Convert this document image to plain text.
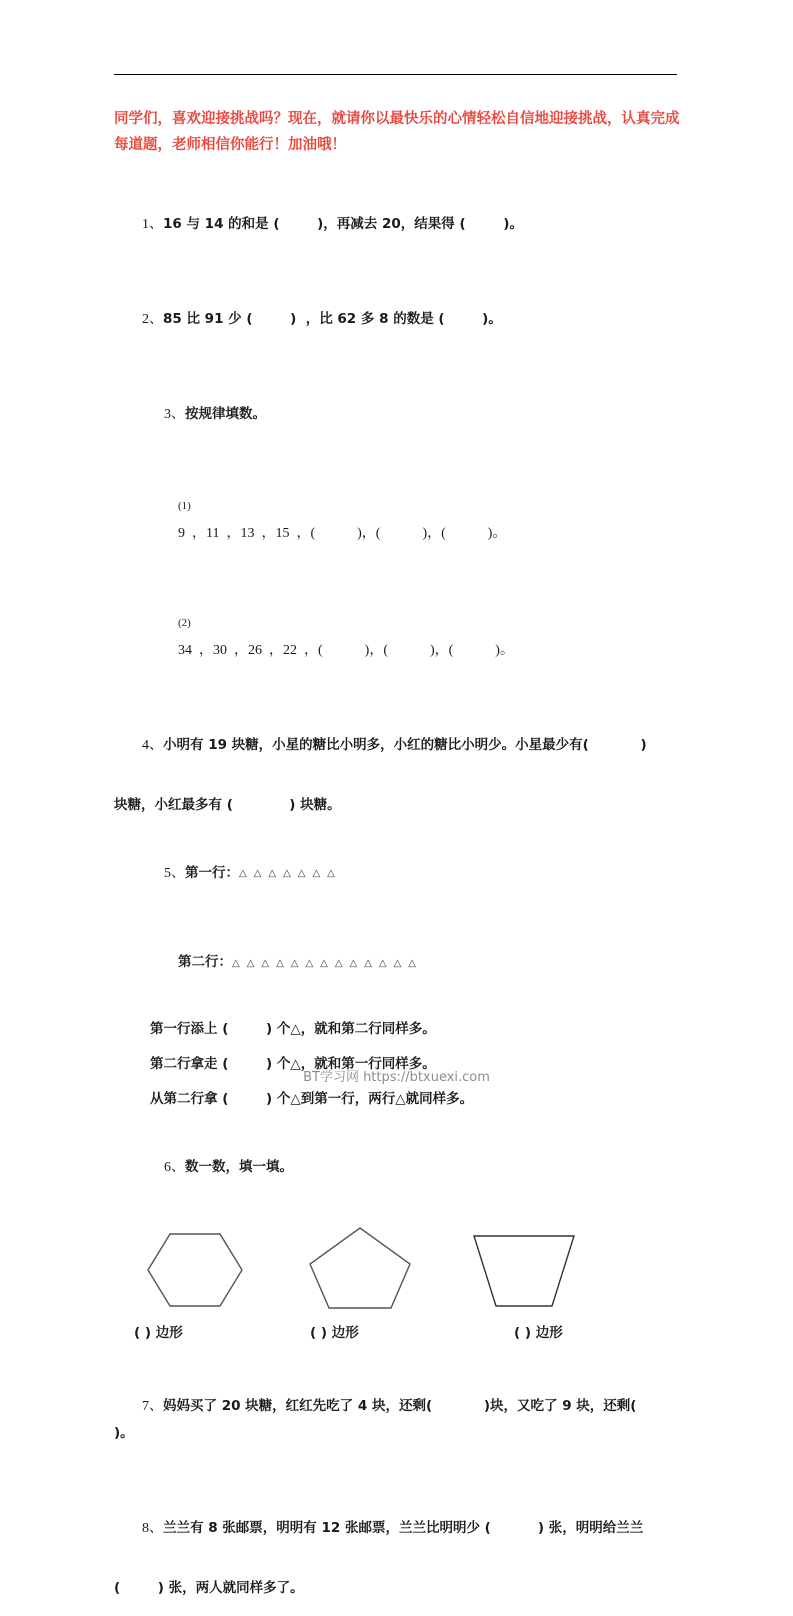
同学们，喜欢迎接挑战吗？现在，就请你以最快乐的心情轻松自信地迎接挑战，认真完成每道题，老师相信你能行！加油哦！

1、16 与 14 的和是 (        )，再减去 20，结果得 (        )。

2、85 比 91 少 (        )  ，比 62 多 8 的数是 (        )。

3、按规律填数。

(1)
9  ，11  ，13  ，15  ，(            )，(            )，(            )。

(2)
34  ，30  ，26  ，22  ，(            )，(            )，(            )。

4、小明有 19 块糖，小星的糖比小明多，小红的糖比小明少。小星最少有(           )

块糖，小红最多有 (            ) 块糖。

5、第一行：△△△△△△△

第二行：△△△△△△△△△△△△△

第一行添上 (        ) 个△，就和第二行同样多。
第二行拿走 (        ) 个△，就和第一行同样多。
从第二行拿 (        ) 个△到第一行，两行△就同样多。

6、数一数，填一填。

( ) 边形	( ) 边形	( ) 边形

7、妈妈买了 20 块糖，红红先吃了 4 块，还剩(           )块，又吃了 9 块，还剩(          )。

8、兰兰有 8 张邮票，明明有 12 张邮票，兰兰比明明少 (          ) 张，明明给兰兰

(        ) 张，两人就同样多了。
BT学习网 https://btxuexi.com
